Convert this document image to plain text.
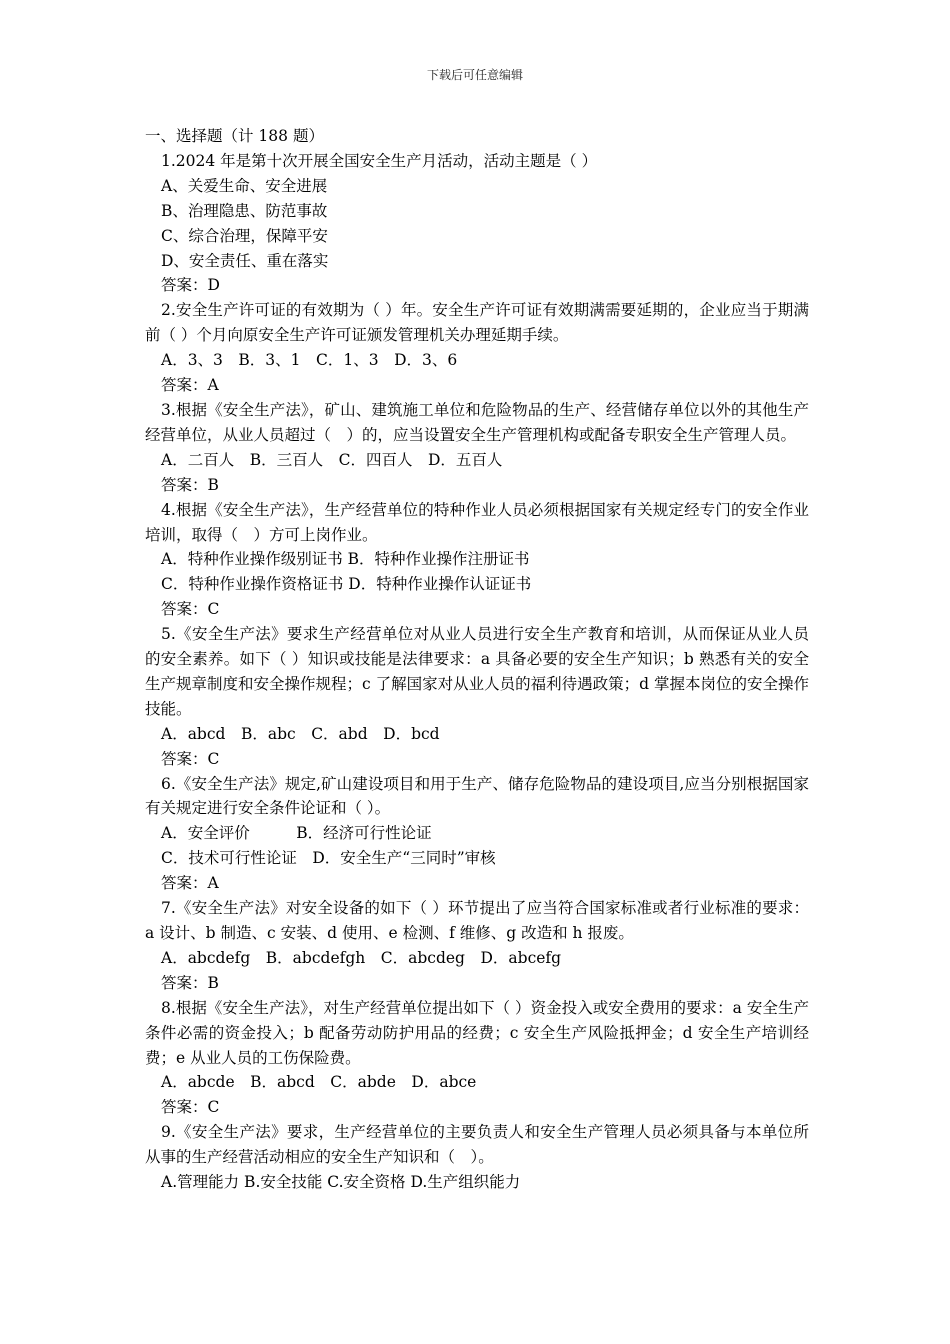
下载后可任意编辑

一、选择题（计 188 题）

1.2024 年是第十次开展全国安全生产月活动，活动主题是（ ）

A、关爱生命、安全进展

B、治理隐患、防范事故

C、综合治理，保障平安

D、安全责任、重在落实

答案：D

2.安全生产许可证的有效期为（ ）年。安全生产许可证有效期满需要延期的，企业应当于期满前（ ）个月向原安全生产许可证颁发管理机关办理延期手续。

A．3、3　B．3、1　C．1、3　D．3、6

答案：A

3.根据《安全生产法》，矿山、建筑施工单位和危险物品的生产、经营储存单位以外的其他生产经营单位，从业人员超过（　）的，应当设置安全生产管理机构或配备专职安全生产管理人员。

A．二百人　B．三百人　C．四百人　D．五百人

答案：B

4.根据《安全生产法》，生产经营单位的特种作业人员必须根据国家有关规定经专门的安全作业培训，取得（　）方可上岗作业。

A．特种作业操作级别证书 B．特种作业操作注册证书

C．特种作业操作资格证书 D．特种作业操作认证证书

答案：C

5.《安全生产法》要求生产经营单位对从业人员进行安全生产教育和培训，从而保证从业人员的安全素养。如下（ ）知识或技能是法律要求：a 具备必要的安全生产知识；b 熟悉有关的安全生产规章制度和安全操作规程；c 了解国家对从业人员的福利待遇政策；d 掌握本岗位的安全操作技能。

A．abcd　B．abc　C．abd　D．bcd

答案：C

6.《安全生产法》规定,矿山建设项目和用于生产、储存危险物品的建设项目,应当分别根据国家有关规定进行安全条件论证和（ ）。

A．安全评价　　　B．经济可行性论证

C．技术可行性论证　D．安全生产“三同时”审核

答案：A

7.《安全生产法》对安全设备的如下（ ）环节提出了应当符合国家标准或者行业标准的要求：a 设计、b 制造、c 安装、d 使用、e 检测、f 维修、g 改造和 h 报废。

A．abcdefg　B．abcdefgh　C．abcdeg　D．abcefg

答案：B

8.根据《安全生产法》，对生产经营单位提出如下（ ）资金投入或安全费用的要求：a 安全生产条件必需的资金投入；b 配备劳动防护用品的经费；c 安全生产风险抵押金；d 安全生产培训经费；e 从业人员的工伤保险费。

A．abcde　B．abcd　C．abde　D．abce

答案：C

9.《安全生产法》要求，生产经营单位的主要负责人和安全生产管理人员必须具备与本单位所从事的生产经营活动相应的安全生产知识和（　）。

A.管理能力 B.安全技能 C.安全资格 D.生产组织能力
